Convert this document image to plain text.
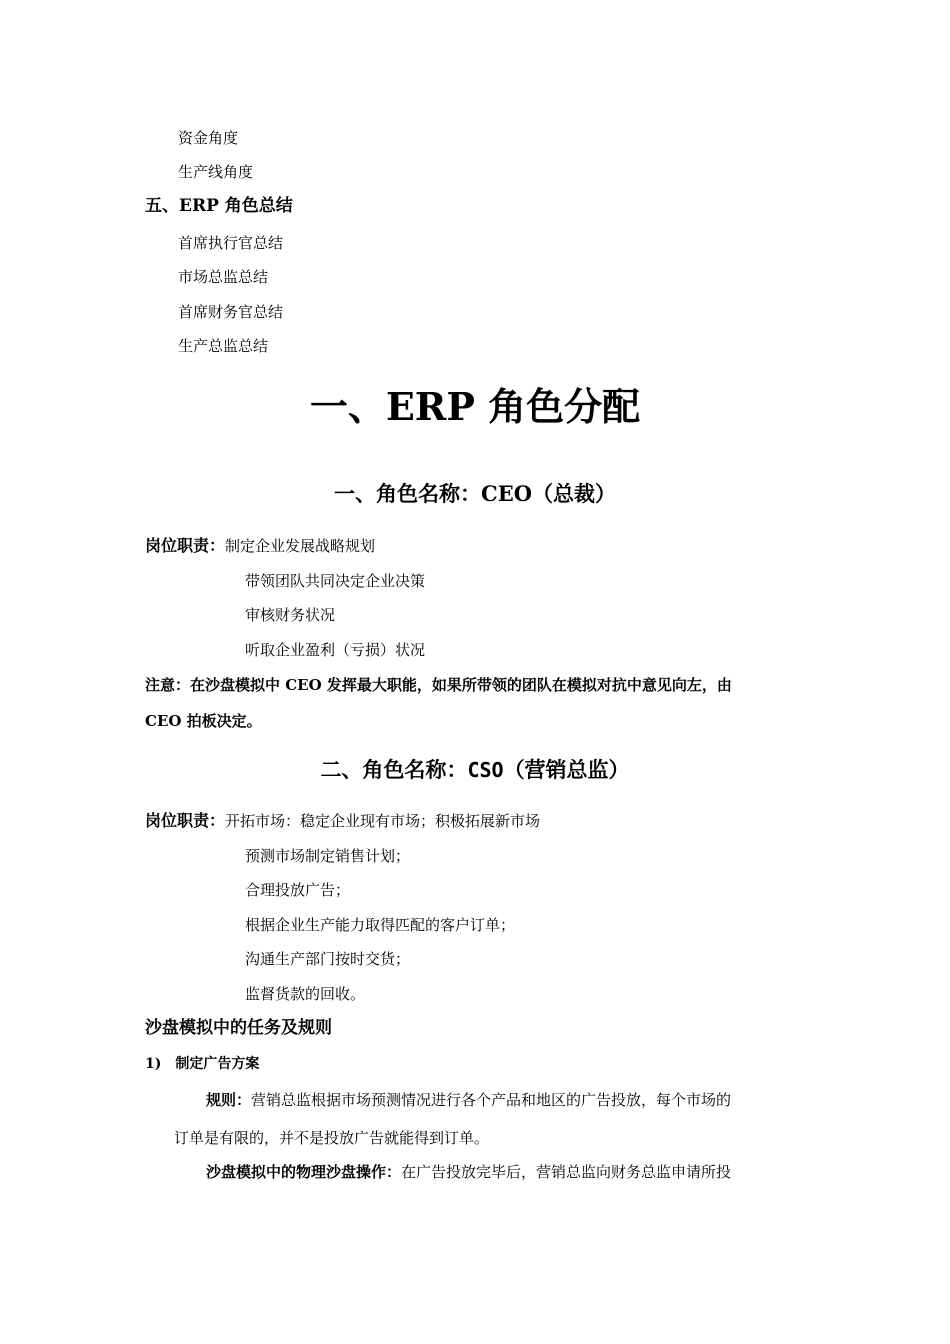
资金角度
生产线角度
五、ERP 角色总结
首席执行官总结
市场总监总结
首席财务官总结
生产总监总结
一、ERP 角色分配
一、角色名称：CEO（总裁）
岗位职责：制定企业发展战略规划
带领团队共同决定企业决策
审核财务状况
听取企业盈利（亏损）状况
注意：在沙盘模拟中 CEO 发挥最大职能，如果所带领的团队在模拟对抗中意见向左，由
CEO 拍板决定。
二、角色名称：CSO（营销总监）
岗位职责：开拓市场：稳定企业现有市场；积极拓展新市场
预测市场制定销售计划；
合理投放广告；
根据企业生产能力取得匹配的客户订单；
沟通生产部门按时交货；
监督货款的回收。
沙盘模拟中的任务及规则
1) 制定广告方案
规则：营销总监根据市场预测情况进行各个产品和地区的广告投放，每个市场的
订单是有限的，并不是投放广告就能得到订单。
沙盘模拟中的物理沙盘操作：在广告投放完毕后，营销总监向财务总监申请所投
